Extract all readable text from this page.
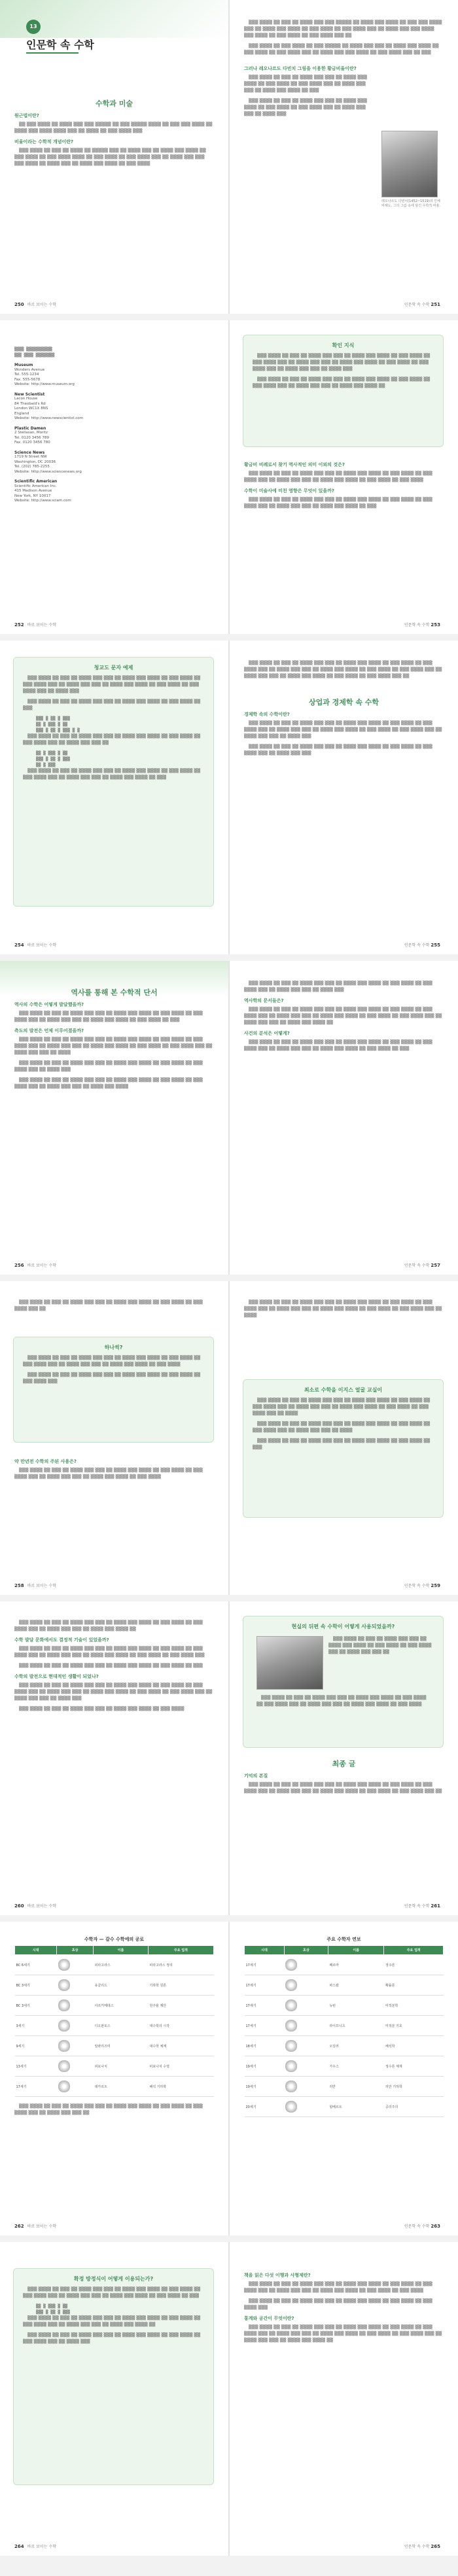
13
인문학 속 수학

수학과 미술

원근법이란?

▒▒ ▒▒▒ ▒▒▒▒ ▒▒ ▒▒▒▒ ▒▒▒ ▒▒▒ ▒▒▒▒▒ ▒▒ ▒▒▒ ▒▒▒▒▒ ▒▒▒▒ ▒▒ ▒▒▒ ▒▒▒ ▒▒▒▒ ▒▒ ▒▒▒▒ ▒▒▒ ▒▒▒▒ ▒▒▒▒ ▒▒▒ ▒▒ ▒▒▒▒ ▒▒ ▒▒▒ ▒▒▒▒ ▒▒▒

비율이라는 수학적 개념이란?

▒▒▒ ▒▒▒▒ ▒▒ ▒▒▒ ▒▒ ▒▒▒▒ ▒▒ ▒▒▒▒▒ ▒▒▒ ▒▒ ▒▒▒▒ ▒▒▒ ▒▒ ▒▒▒▒ ▒▒▒ ▒▒▒▒ ▒▒ ▒▒▒ ▒▒▒▒ ▒▒ ▒▒▒ ▒▒▒▒ ▒▒▒▒ ▒▒ ▒▒▒ ▒▒▒▒ ▒▒ ▒▒▒ ▒▒▒▒ ▒▒▒ ▒▒ ▒▒▒▒ ▒▒▒ ▒▒▒ ▒▒▒ ▒▒▒▒ ▒▒ ▒▒▒▒ ▒▒▒ ▒▒ ▒▒▒▒ ▒▒▒ ▒▒▒▒ ▒▒ ▒▒▒ ▒▒▒▒

250 바로 보이는 수학

▒▒▒ ▒▒▒▒ ▒▒ ▒▒▒ ▒▒ ▒▒▒▒ ▒▒▒ ▒▒▒ ▒▒▒▒▒ ▒▒ ▒▒▒▒ ▒▒▒ ▒▒▒▒ ▒▒ ▒▒▒ ▒▒▒ ▒▒▒▒ ▒▒▒ ▒▒ ▒▒▒▒ ▒▒▒ ▒▒▒▒ ▒▒ ▒▒▒ ▒▒▒▒ ▒▒ ▒▒▒ ▒▒▒▒ ▒▒▒ ▒▒ ▒▒▒▒ ▒▒▒ ▒▒▒ ▒▒▒▒ ▒▒▒ ▒▒▒▒ ▒▒ ▒▒▒ ▒▒▒▒ ▒▒ ▒▒▒ ▒▒▒▒ ▒▒▒ ▒▒

▒▒▒ ▒▒▒▒ ▒▒ ▒▒▒ ▒▒▒▒ ▒▒ ▒▒▒ ▒▒▒▒▒ ▒▒ ▒▒▒▒ ▒▒▒ ▒▒▒ ▒▒ ▒▒▒▒ ▒▒▒ ▒▒▒▒ ▒▒ ▒▒▒ ▒▒▒▒ ▒▒ ▒▒▒ ▒▒▒▒ ▒▒▒ ▒▒ ▒▒▒▒ ▒▒▒ ▒▒▒ ▒▒▒▒ ▒▒ ▒▒▒ ▒▒▒▒ ▒▒▒ ▒▒ ▒▒▒

그러나 레오나르도 다빈치 그림을 이용한 황금비율이란?

▒▒▒ ▒▒▒▒ ▒▒ ▒▒▒ ▒▒ ▒▒▒▒ ▒▒▒ ▒▒▒ ▒▒ ▒▒▒▒ ▒▒▒ ▒▒▒▒ ▒▒ ▒▒▒ ▒▒▒▒ ▒▒ ▒▒▒ ▒▒▒▒ ▒▒▒ ▒▒ ▒▒▒▒ ▒▒▒ ▒▒▒ ▒▒ ▒▒▒▒ ▒▒▒ ▒▒▒▒ ▒▒ ▒▒▒

▒▒▒ ▒▒▒▒ ▒▒ ▒▒▒ ▒▒ ▒▒▒▒ ▒▒▒ ▒▒▒ ▒▒ ▒▒▒▒ ▒▒▒ ▒▒▒▒ ▒▒ ▒▒▒ ▒▒▒▒ ▒▒ ▒▒▒ ▒▒▒▒ ▒▒▒ ▒▒ ▒▒▒▒ ▒▒▒ ▒▒▒ ▒▒ ▒▒▒▒ ▒▒▒

레오나르도 다빈치(1452~1519)의 인체 비례도, 그의 그림 속에 담긴 수학적 비율.
인문학 속 수학 251
▒▒▒▒ ▒▒▒▒▒▒▒▒▒▒▒
▒▒▒ ▒▒▒▒ ▒▒▒▒▒▒▒▒
Museum
Wonders Avenue
Tel. 555-1234
Fax. 555-5678
Website: http://www.museum.org
New Scientist
Lacon House
84 Theobald's Rd
London WC1X 8NS
England
Website: http://www.newscientist.com
Plastic Damen
2 Stellasan, Moritz
Tel. 0120 3456 789
Fax. 0120 3456 780
Science News
1719 N Street NW
Washington, DC 20036
Tel. (202) 785-2255
Website: http://www.sciencenews.org
Scientific American
Scientific American Inc.
415 Madison Avenue
New York, NY 10017
Website: http://www.sciam.com
252 바로 보이는 수학
확인 지식

▒▒▒ ▒▒▒▒ ▒▒ ▒▒▒ ▒▒ ▒▒▒▒ ▒▒▒ ▒▒▒ ▒▒ ▒▒▒▒ ▒▒▒ ▒▒▒▒ ▒▒ ▒▒▒ ▒▒▒▒ ▒▒ ▒▒▒ ▒▒▒▒ ▒▒▒ ▒▒ ▒▒▒▒ ▒▒▒ ▒▒▒ ▒▒ ▒▒▒▒ ▒▒▒ ▒▒▒▒ ▒▒ ▒▒▒ ▒▒▒▒ ▒▒ ▒▒▒ ▒▒▒▒ ▒▒▒ ▒▒ ▒▒▒▒ ▒▒▒ ▒▒▒ ▒▒ ▒▒▒▒ ▒▒▒

▒▒▒ ▒▒▒▒ ▒▒ ▒▒▒ ▒▒ ▒▒▒▒ ▒▒▒ ▒▒▒ ▒▒ ▒▒▒▒ ▒▒▒ ▒▒▒▒ ▒▒ ▒▒▒ ▒▒▒▒ ▒▒ ▒▒▒ ▒▒▒▒ ▒▒▒ ▒▒ ▒▒▒▒ ▒▒▒ ▒▒▒ ▒▒ ▒▒▒▒ ▒▒▒ ▒▒▒▒ ▒▒

황금비 비례로서 찾기 역사적인 의미 이외의 것은?

▒▒▒ ▒▒▒▒ ▒▒ ▒▒▒ ▒▒ ▒▒▒▒ ▒▒▒ ▒▒▒ ▒▒ ▒▒▒▒ ▒▒▒ ▒▒▒▒ ▒▒ ▒▒▒ ▒▒▒▒ ▒▒ ▒▒▒ ▒▒▒▒ ▒▒▒ ▒▒ ▒▒▒▒ ▒▒▒ ▒▒▒ ▒▒ ▒▒▒▒ ▒▒▒ ▒▒▒▒ ▒▒ ▒▒▒ ▒▒▒▒ ▒▒ ▒▒▒ ▒▒▒▒

수학이 미술사에 미친 영향은 무엇이 있을까?

▒▒▒ ▒▒▒▒ ▒▒ ▒▒▒ ▒▒ ▒▒▒▒ ▒▒▒ ▒▒▒ ▒▒ ▒▒▒▒ ▒▒▒ ▒▒▒▒ ▒▒ ▒▒▒ ▒▒▒▒ ▒▒ ▒▒▒ ▒▒▒▒ ▒▒▒ ▒▒ ▒▒▒▒ ▒▒▒ ▒▒▒ ▒▒ ▒▒▒▒ ▒▒▒ ▒▒▒▒ ▒▒ ▒▒▒

인문학 속 수학 253
청교도 문자 예제

▒▒▒ ▒▒▒▒ ▒▒ ▒▒▒ ▒▒ ▒▒▒▒ ▒▒▒ ▒▒▒ ▒▒ ▒▒▒▒ ▒▒▒ ▒▒▒▒ ▒▒ ▒▒▒ ▒▒▒▒ ▒▒ ▒▒▒ ▒▒▒▒ ▒▒▒ ▒▒ ▒▒▒▒ ▒▒▒ ▒▒▒ ▒▒ ▒▒▒▒ ▒▒▒ ▒▒▒▒ ▒▒ ▒▒▒ ▒▒▒▒ ▒▒ ▒▒▒ ▒▒▒▒ ▒▒▒ ▒▒ ▒▒▒▒ ▒▒▒

▒▒▒ ▒▒▒▒ ▒▒ ▒▒▒ ▒▒ ▒▒▒▒ ▒▒▒ ▒▒▒ ▒▒ ▒▒▒▒ ▒▒▒ ▒▒▒▒ ▒▒ ▒▒▒ ▒▒▒▒ ▒▒ ▒▒▒

▒▒▒ ▒ ▒▒ ▒ ▒▒▒
▒▒ ▒ ▒▒▒ ▒ ▒▒
▒▒▒ ▒ ▒▒ ▒ ▒▒▒ ▒ ▒

▒▒▒ ▒▒▒▒ ▒▒ ▒▒▒ ▒▒ ▒▒▒▒ ▒▒▒ ▒▒▒ ▒▒ ▒▒▒▒ ▒▒▒ ▒▒▒▒ ▒▒ ▒▒▒ ▒▒▒▒ ▒▒ ▒▒▒ ▒▒▒▒ ▒▒▒ ▒▒ ▒▒▒▒ ▒▒▒ ▒▒▒ ▒▒

▒▒ ▒ ▒▒▒ ▒ ▒▒
▒▒▒ ▒ ▒▒ ▒ ▒▒▒
▒▒ ▒ ▒▒▒

▒▒▒ ▒▒▒▒ ▒▒ ▒▒▒ ▒▒ ▒▒▒▒ ▒▒▒ ▒▒▒ ▒▒ ▒▒▒▒ ▒▒▒ ▒▒▒▒ ▒▒ ▒▒▒ ▒▒▒▒ ▒▒ ▒▒▒ ▒▒▒▒ ▒▒▒ ▒▒ ▒▒▒▒ ▒▒▒ ▒▒▒ ▒▒ ▒▒▒▒ ▒▒▒ ▒▒▒▒ ▒▒ ▒▒▒

254 바로 보이는 수학

▒▒▒ ▒▒▒▒ ▒▒ ▒▒▒ ▒▒ ▒▒▒▒ ▒▒▒ ▒▒▒ ▒▒ ▒▒▒▒ ▒▒▒ ▒▒▒▒ ▒▒ ▒▒▒ ▒▒▒▒ ▒▒ ▒▒▒ ▒▒▒▒ ▒▒▒ ▒▒ ▒▒▒▒ ▒▒▒ ▒▒▒ ▒▒ ▒▒▒▒ ▒▒▒ ▒▒▒▒ ▒▒ ▒▒▒ ▒▒▒▒ ▒▒ ▒▒▒ ▒▒▒▒ ▒▒▒ ▒▒ ▒▒▒▒ ▒▒▒ ▒▒▒ ▒▒ ▒▒▒▒ ▒▒▒ ▒▒▒▒ ▒▒ ▒▒▒ ▒▒▒▒ ▒▒ ▒▒▒ ▒▒▒▒ ▒▒▒ ▒▒

상업과 경제학 속 수학

경제학 속의 수학이란?

▒▒▒ ▒▒▒▒ ▒▒ ▒▒▒ ▒▒ ▒▒▒▒ ▒▒▒ ▒▒▒ ▒▒ ▒▒▒▒ ▒▒▒ ▒▒▒▒ ▒▒ ▒▒▒ ▒▒▒▒ ▒▒ ▒▒▒ ▒▒▒▒ ▒▒▒ ▒▒ ▒▒▒▒ ▒▒▒ ▒▒▒ ▒▒ ▒▒▒▒ ▒▒▒ ▒▒▒▒ ▒▒ ▒▒▒ ▒▒▒▒ ▒▒ ▒▒▒ ▒▒▒▒ ▒▒▒ ▒▒ ▒▒▒▒ ▒▒▒ ▒▒▒ ▒▒ ▒▒▒▒ ▒▒▒

▒▒▒ ▒▒▒▒ ▒▒ ▒▒▒ ▒▒ ▒▒▒▒ ▒▒▒ ▒▒▒ ▒▒ ▒▒▒▒ ▒▒▒ ▒▒▒▒ ▒▒ ▒▒▒ ▒▒▒▒ ▒▒ ▒▒▒ ▒▒▒▒ ▒▒▒ ▒▒ ▒▒▒▒ ▒▒▒ ▒▒▒

인문학 속 수학 255

역사를 통해 본 수학적 단서

역사의 수학은 어떻게 발달했을까?

▒▒▒ ▒▒▒▒ ▒▒ ▒▒▒ ▒▒ ▒▒▒▒ ▒▒▒ ▒▒▒ ▒▒ ▒▒▒▒ ▒▒▒ ▒▒▒▒ ▒▒ ▒▒▒ ▒▒▒▒ ▒▒ ▒▒▒ ▒▒▒▒ ▒▒▒ ▒▒ ▒▒▒▒ ▒▒▒ ▒▒▒ ▒▒ ▒▒▒▒ ▒▒▒ ▒▒▒▒ ▒▒ ▒▒▒ ▒▒▒▒ ▒▒ ▒▒▒

측도의 발전은 언제 이루어졌을까?

▒▒▒ ▒▒▒▒ ▒▒ ▒▒▒ ▒▒ ▒▒▒▒ ▒▒▒ ▒▒▒ ▒▒ ▒▒▒▒ ▒▒▒ ▒▒▒▒ ▒▒ ▒▒▒ ▒▒▒▒ ▒▒ ▒▒▒ ▒▒▒▒ ▒▒▒ ▒▒ ▒▒▒▒ ▒▒▒ ▒▒▒ ▒▒ ▒▒▒▒ ▒▒▒ ▒▒▒▒ ▒▒ ▒▒▒ ▒▒▒▒ ▒▒ ▒▒▒ ▒▒▒▒ ▒▒▒ ▒▒ ▒▒▒▒ ▒▒▒ ▒▒▒ ▒▒ ▒▒▒▒

▒▒▒ ▒▒▒▒ ▒▒ ▒▒▒ ▒▒ ▒▒▒▒ ▒▒▒ ▒▒▒ ▒▒ ▒▒▒▒ ▒▒▒ ▒▒▒▒ ▒▒ ▒▒▒ ▒▒▒▒ ▒▒ ▒▒▒ ▒▒▒▒ ▒▒▒ ▒▒ ▒▒▒▒ ▒▒▒

▒▒▒ ▒▒▒▒ ▒▒ ▒▒▒ ▒▒ ▒▒▒▒ ▒▒▒ ▒▒▒ ▒▒ ▒▒▒▒ ▒▒▒ ▒▒▒▒ ▒▒ ▒▒▒ ▒▒▒▒ ▒▒ ▒▒▒ ▒▒▒▒ ▒▒▒ ▒▒ ▒▒▒▒ ▒▒▒ ▒▒▒ ▒▒ ▒▒▒▒ ▒▒▒ ▒▒▒▒

256 바로 보이는 수학

▒▒▒ ▒▒▒▒ ▒▒ ▒▒▒ ▒▒ ▒▒▒▒ ▒▒▒ ▒▒▒ ▒▒ ▒▒▒▒ ▒▒▒ ▒▒▒▒ ▒▒ ▒▒▒ ▒▒▒▒ ▒▒ ▒▒▒ ▒▒▒▒ ▒▒▒ ▒▒ ▒▒▒▒ ▒▒▒ ▒▒▒ ▒▒ ▒▒▒▒ ▒▒▒

역사학의 문서들은?

▒▒▒ ▒▒▒▒ ▒▒ ▒▒▒ ▒▒ ▒▒▒▒ ▒▒▒ ▒▒▒ ▒▒ ▒▒▒▒ ▒▒▒ ▒▒▒▒ ▒▒ ▒▒▒ ▒▒▒▒ ▒▒ ▒▒▒ ▒▒▒▒ ▒▒▒ ▒▒ ▒▒▒▒ ▒▒▒ ▒▒▒ ▒▒ ▒▒▒▒ ▒▒▒ ▒▒▒▒ ▒▒ ▒▒▒ ▒▒▒▒ ▒▒ ▒▒▒ ▒▒▒▒ ▒▒▒ ▒▒ ▒▒▒▒ ▒▒▒ ▒▒▒ ▒▒ ▒▒▒▒ ▒▒▒ ▒▒▒▒ ▒▒

사건의 분석은 어떻게?

▒▒▒ ▒▒▒▒ ▒▒ ▒▒▒ ▒▒ ▒▒▒▒ ▒▒▒ ▒▒▒ ▒▒ ▒▒▒▒ ▒▒▒ ▒▒▒▒ ▒▒ ▒▒▒ ▒▒▒▒ ▒▒ ▒▒▒ ▒▒▒▒ ▒▒▒ ▒▒ ▒▒▒▒ ▒▒▒ ▒▒▒ ▒▒ ▒▒▒▒ ▒▒▒ ▒▒▒▒ ▒▒ ▒▒▒ ▒▒▒▒ ▒▒ ▒▒▒

인문학 속 수학 257

▒▒▒ ▒▒▒▒ ▒▒ ▒▒▒ ▒▒ ▒▒▒▒ ▒▒▒ ▒▒▒ ▒▒ ▒▒▒▒ ▒▒▒ ▒▒▒▒ ▒▒ ▒▒▒ ▒▒▒▒ ▒▒ ▒▒▒ ▒▒▒▒ ▒▒▒ ▒▒

하나씩?

▒▒▒ ▒▒▒▒ ▒▒ ▒▒▒ ▒▒ ▒▒▒▒ ▒▒▒ ▒▒▒ ▒▒ ▒▒▒▒ ▒▒▒ ▒▒▒▒ ▒▒ ▒▒▒ ▒▒▒▒ ▒▒ ▒▒▒ ▒▒▒▒ ▒▒▒ ▒▒ ▒▒▒▒ ▒▒▒ ▒▒▒ ▒▒ ▒▒▒▒ ▒▒▒ ▒▒▒▒ ▒▒ ▒▒▒ ▒▒▒▒

▒▒▒ ▒▒▒▒ ▒▒ ▒▒▒ ▒▒ ▒▒▒▒ ▒▒▒ ▒▒▒ ▒▒ ▒▒▒▒ ▒▒▒ ▒▒▒▒ ▒▒ ▒▒▒ ▒▒▒▒ ▒▒ ▒▒▒ ▒▒▒▒ ▒▒▒

약 만년전 수학의 주된 사용은?

▒▒▒ ▒▒▒▒ ▒▒ ▒▒▒ ▒▒ ▒▒▒▒ ▒▒▒ ▒▒▒ ▒▒ ▒▒▒▒ ▒▒▒ ▒▒▒▒ ▒▒ ▒▒▒ ▒▒▒▒ ▒▒ ▒▒▒ ▒▒▒▒ ▒▒▒ ▒▒ ▒▒▒▒ ▒▒▒ ▒▒▒ ▒▒ ▒▒▒▒ ▒▒▒ ▒▒▒▒ ▒▒ ▒▒▒ ▒▒▒▒

258 바로 보이는 수학

▒▒▒ ▒▒▒▒ ▒▒ ▒▒▒ ▒▒ ▒▒▒▒ ▒▒▒ ▒▒▒ ▒▒ ▒▒▒▒ ▒▒▒ ▒▒▒▒ ▒▒ ▒▒▒ ▒▒▒▒ ▒▒ ▒▒▒ ▒▒▒▒ ▒▒▒ ▒▒ ▒▒▒▒ ▒▒▒ ▒▒▒ ▒▒ ▒▒▒▒ ▒▒▒ ▒▒▒▒ ▒▒ ▒▒▒ ▒▒▒▒ ▒▒ ▒▒▒ ▒▒▒▒ ▒▒▒ ▒▒ ▒▒▒▒

최소로 수학을 이지스 얼굴 교실이

▒▒▒ ▒▒▒▒ ▒▒ ▒▒▒ ▒▒ ▒▒▒▒ ▒▒▒ ▒▒▒ ▒▒ ▒▒▒▒ ▒▒▒ ▒▒▒▒ ▒▒ ▒▒▒ ▒▒▒▒ ▒▒ ▒▒▒ ▒▒▒▒ ▒▒▒ ▒▒ ▒▒▒▒ ▒▒▒ ▒▒▒ ▒▒ ▒▒▒▒ ▒▒▒ ▒▒▒▒ ▒▒ ▒▒▒ ▒▒▒▒ ▒▒ ▒▒▒ ▒▒▒▒ ▒▒▒ ▒▒ ▒▒▒▒

▒▒▒ ▒▒▒▒ ▒▒ ▒▒▒ ▒▒ ▒▒▒▒ ▒▒▒ ▒▒▒ ▒▒ ▒▒▒▒ ▒▒▒ ▒▒▒▒ ▒▒ ▒▒▒ ▒▒▒▒ ▒▒ ▒▒▒ ▒▒▒▒ ▒▒▒ ▒▒ ▒▒▒▒ ▒▒▒ ▒▒▒ ▒▒ ▒▒▒▒

▒▒▒ ▒▒▒▒ ▒▒ ▒▒▒ ▒▒ ▒▒▒▒ ▒▒▒ ▒▒▒ ▒▒ ▒▒▒▒ ▒▒▒ ▒▒▒▒ ▒▒ ▒▒▒ ▒▒▒▒ ▒▒ ▒▒▒

인문학 속 수학 259

▒▒▒ ▒▒▒▒ ▒▒ ▒▒▒ ▒▒ ▒▒▒▒ ▒▒▒ ▒▒▒ ▒▒ ▒▒▒▒ ▒▒▒ ▒▒▒▒ ▒▒ ▒▒▒ ▒▒▒▒ ▒▒ ▒▒▒ ▒▒▒▒ ▒▒▒ ▒▒ ▒▒▒▒ ▒▒▒ ▒▒▒ ▒▒ ▒▒▒▒ ▒▒▒ ▒▒▒▒ ▒▒

수학 발달 문화에서도 결정적 기술이 있었을까?

▒▒▒ ▒▒▒▒ ▒▒ ▒▒▒ ▒▒ ▒▒▒▒ ▒▒▒ ▒▒▒ ▒▒ ▒▒▒▒ ▒▒▒ ▒▒▒▒ ▒▒ ▒▒▒ ▒▒▒▒ ▒▒ ▒▒▒ ▒▒▒▒ ▒▒▒ ▒▒ ▒▒▒▒ ▒▒▒ ▒▒▒ ▒▒ ▒▒▒▒ ▒▒▒ ▒▒▒▒ ▒▒ ▒▒▒ ▒▒▒▒ ▒▒ ▒▒▒ ▒▒▒▒ ▒▒▒

▒▒▒ ▒▒▒▒ ▒▒ ▒▒▒ ▒▒ ▒▒▒▒ ▒▒▒ ▒▒▒ ▒▒ ▒▒▒▒ ▒▒▒ ▒▒▒▒ ▒▒ ▒▒▒ ▒▒▒▒ ▒▒ ▒▒▒

수학의 발전으로 현대적인 생활이 되었나?

▒▒▒ ▒▒▒▒ ▒▒ ▒▒▒ ▒▒ ▒▒▒▒ ▒▒▒ ▒▒▒ ▒▒ ▒▒▒▒ ▒▒▒ ▒▒▒▒ ▒▒ ▒▒▒ ▒▒▒▒ ▒▒ ▒▒▒ ▒▒▒▒ ▒▒▒ ▒▒ ▒▒▒▒ ▒▒▒ ▒▒▒ ▒▒ ▒▒▒▒ ▒▒▒ ▒▒▒▒ ▒▒ ▒▒▒ ▒▒▒▒ ▒▒ ▒▒▒ ▒▒▒▒ ▒▒▒ ▒▒ ▒▒▒▒ ▒▒▒ ▒▒▒ ▒▒ ▒▒▒▒ ▒▒▒

▒▒▒ ▒▒▒▒ ▒▒ ▒▒▒ ▒▒ ▒▒▒▒ ▒▒▒ ▒▒▒ ▒▒ ▒▒▒▒ ▒▒▒ ▒▒▒▒ ▒▒ ▒▒▒ ▒▒▒▒

260 바로 보이는 수학
현실의 뒤편 속 수학이 어떻게 사용되었을까?

▒▒▒ ▒▒▒▒ ▒▒ ▒▒▒ ▒▒ ▒▒▒▒ ▒▒▒ ▒▒▒ ▒▒ ▒▒▒▒ ▒▒▒ ▒▒▒▒ ▒▒ ▒▒▒ ▒▒▒▒ ▒▒ ▒▒▒ ▒▒▒▒ ▒▒▒ ▒▒ ▒▒▒▒ ▒▒▒ ▒▒▒ ▒▒

▒▒▒ ▒▒▒▒ ▒▒ ▒▒▒ ▒▒ ▒▒▒▒ ▒▒▒ ▒▒▒ ▒▒ ▒▒▒▒ ▒▒▒ ▒▒▒▒ ▒▒ ▒▒▒ ▒▒▒▒ ▒▒ ▒▒▒ ▒▒▒▒ ▒▒▒ ▒▒ ▒▒▒▒ ▒▒▒ ▒▒▒ ▒▒ ▒▒▒▒ ▒▒▒ ▒▒▒▒ ▒▒ ▒▒▒ ▒▒▒▒

최종 글

기억의 본질

▒▒▒ ▒▒▒▒ ▒▒ ▒▒▒ ▒▒ ▒▒▒▒ ▒▒▒ ▒▒▒ ▒▒ ▒▒▒▒ ▒▒▒ ▒▒▒▒ ▒▒ ▒▒▒ ▒▒▒▒ ▒▒ ▒▒▒ ▒▒▒▒ ▒▒▒ ▒▒ ▒▒▒▒ ▒▒▒ ▒▒▒ ▒▒ ▒▒▒▒ ▒▒▒ ▒▒▒▒ ▒▒ ▒▒▒ ▒▒▒▒ ▒▒ ▒▒▒ ▒▒▒▒ ▒▒▒ ▒▒

인문학 속 수학 261
수학자 — 갈수 수학에의 공로
시대	초상	이름	주요 업적
BC 6세기		피타고라스	피타고라스 정리
BC 3세기		유클리드	기하학 원론
BC 3세기		아르키메데스	원주율 계산
3세기		디오판토스	대수학의 시작
9세기		알콰리즈미	대수학 체계
13세기		피보나치	피보나치 수열
17세기		데카르트	해석 기하학

▒▒▒ ▒▒▒▒ ▒▒ ▒▒▒ ▒▒ ▒▒▒▒ ▒▒▒ ▒▒▒ ▒▒ ▒▒▒▒ ▒▒▒ ▒▒▒▒ ▒▒ ▒▒▒ ▒▒▒▒ ▒▒ ▒▒▒ ▒▒▒▒ ▒▒▒ ▒▒ ▒▒▒▒ ▒▒▒ ▒▒▒ ▒▒

262 바로 보이는 수학
주요 수학자 연보
시대	초상	이름	주요 업적
17세기		페르마	정수론
17세기		파스칼	확률론
17세기		뉴턴	미적분학
17세기		라이프니츠	미적분 기호
18세기		오일러	해석학
19세기		가우스	정수론 체계
19세기		리만	리만 기하학
20세기		힐베르트	공리주의
인문학 속 수학 263
확정 방정식이 어떻게 이용되는가?

▒▒▒ ▒▒▒▒ ▒▒ ▒▒▒ ▒▒ ▒▒▒▒ ▒▒▒ ▒▒▒ ▒▒ ▒▒▒▒ ▒▒▒ ▒▒▒▒ ▒▒ ▒▒▒ ▒▒▒▒ ▒▒ ▒▒▒ ▒▒▒▒ ▒▒▒ ▒▒ ▒▒▒▒ ▒▒▒ ▒▒▒ ▒▒ ▒▒▒▒ ▒▒▒ ▒▒▒▒ ▒▒ ▒▒▒ ▒▒▒▒ ▒▒ ▒▒▒

▒▒ ▒ ▒▒▒ ▒ ▒▒
▒▒▒ ▒ ▒▒ ▒ ▒▒▒

▒▒▒ ▒▒▒▒ ▒▒ ▒▒▒ ▒▒ ▒▒▒▒ ▒▒▒ ▒▒▒ ▒▒ ▒▒▒▒ ▒▒▒ ▒▒▒▒ ▒▒ ▒▒▒ ▒▒▒▒ ▒▒ ▒▒▒ ▒▒▒▒ ▒▒▒ ▒▒ ▒▒▒▒ ▒▒▒ ▒▒▒ ▒▒ ▒▒▒▒ ▒▒▒ ▒▒▒▒ ▒▒

▒▒▒ ▒▒▒▒ ▒▒ ▒▒▒ ▒▒ ▒▒▒▒ ▒▒▒ ▒▒▒ ▒▒ ▒▒▒▒ ▒▒▒ ▒▒▒▒ ▒▒ ▒▒▒ ▒▒▒▒ ▒▒ ▒▒▒ ▒▒▒▒ ▒▒▒ ▒▒ ▒▒▒▒ ▒▒▒

264 바로 보이는 수학
책을 읽은 다섯 이행과 사형제란?

▒▒▒ ▒▒▒▒ ▒▒ ▒▒▒ ▒▒ ▒▒▒▒ ▒▒▒ ▒▒▒ ▒▒ ▒▒▒▒ ▒▒▒ ▒▒▒▒ ▒▒ ▒▒▒ ▒▒▒▒ ▒▒ ▒▒▒ ▒▒▒▒ ▒▒▒ ▒▒ ▒▒▒▒ ▒▒▒ ▒▒▒ ▒▒ ▒▒▒▒ ▒▒▒ ▒▒▒▒ ▒▒ ▒▒▒ ▒▒▒▒ ▒▒ ▒▒▒ ▒▒▒▒

▒▒▒ ▒▒▒▒ ▒▒ ▒▒▒ ▒▒ ▒▒▒▒ ▒▒▒ ▒▒▒ ▒▒ ▒▒▒▒ ▒▒▒ ▒▒▒▒ ▒▒ ▒▒▒ ▒▒▒▒ ▒▒ ▒▒▒ ▒▒▒▒ ▒▒▒

통계와 공간이 무엇이란?

▒▒▒ ▒▒▒▒ ▒▒ ▒▒▒ ▒▒ ▒▒▒▒ ▒▒▒ ▒▒▒ ▒▒ ▒▒▒▒ ▒▒▒ ▒▒▒▒ ▒▒ ▒▒▒ ▒▒▒▒ ▒▒ ▒▒▒ ▒▒▒▒ ▒▒▒ ▒▒ ▒▒▒▒ ▒▒▒ ▒▒▒ ▒▒ ▒▒▒▒ ▒▒▒ ▒▒▒▒ ▒▒ ▒▒▒ ▒▒▒▒ ▒▒ ▒▒▒ ▒▒▒▒ ▒▒▒ ▒▒ ▒▒▒▒ ▒▒▒ ▒▒▒ ▒▒ ▒▒▒▒ ▒▒▒ ▒▒▒▒ ▒▒

인문학 속 수학 265
